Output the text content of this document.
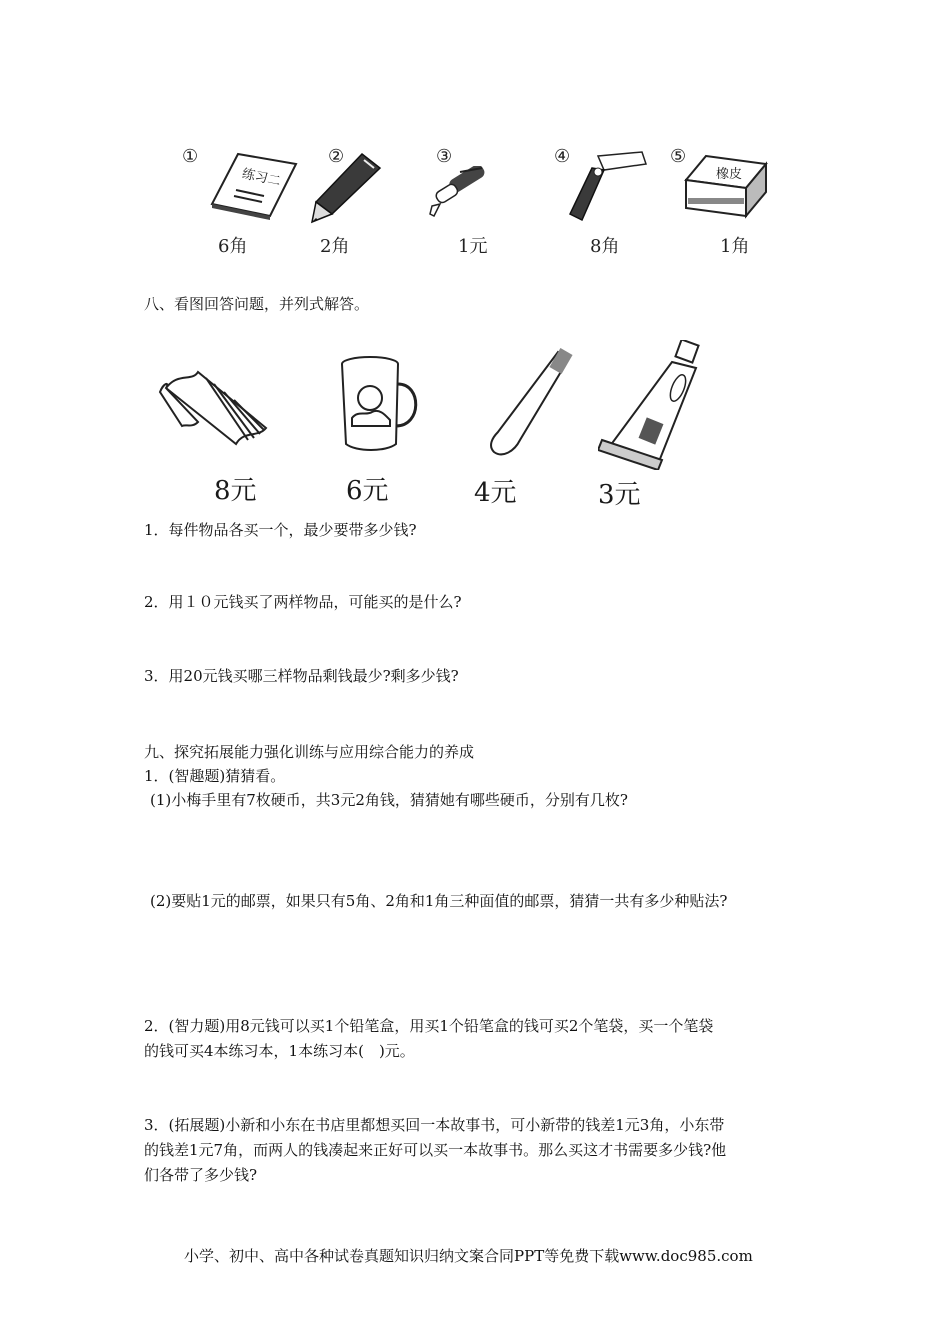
①	②	③	④	⑤
练习二	橡皮
6角	2角	1元	8角	1角
八、看图回答问题，并列式解答。
8元	6元	4元	3元
1．每件物品各买一个，最少要带多少钱?
2．用１０元钱买了两样物品，可能买的是什么?
3．用20元钱买哪三样物品剩钱最少?剩多少钱?
九、探究拓展能力强化训练与应用综合能力的养成
1．(智趣题)猜猜看。
(1)小梅手里有7枚硬币，共3元2角钱，猜猜她有哪些硬币，分别有几枚?
(2)要贴1元的邮票，如果只有5角、2角和1角三种面值的邮票，猜猜一共有多少种贴法?
2．(智力题)用8元钱可以买1个铅笔盒，用买1个铅笔盒的钱可买2个笔袋，买一个笔袋
的钱可买4本练习本，1本练习本(　)元。
3．(拓展题)小新和小东在书店里都想买回一本故事书，可小新带的钱差1元3角，小东带
的钱差1元7角，而两人的钱凑起来正好可以买一本故事书。那么买这才书需要多少钱?他
们各带了多少钱?
小学、初中、高中各种试卷真题知识归纳文案合同PPT等免费下载www.doc985.com
